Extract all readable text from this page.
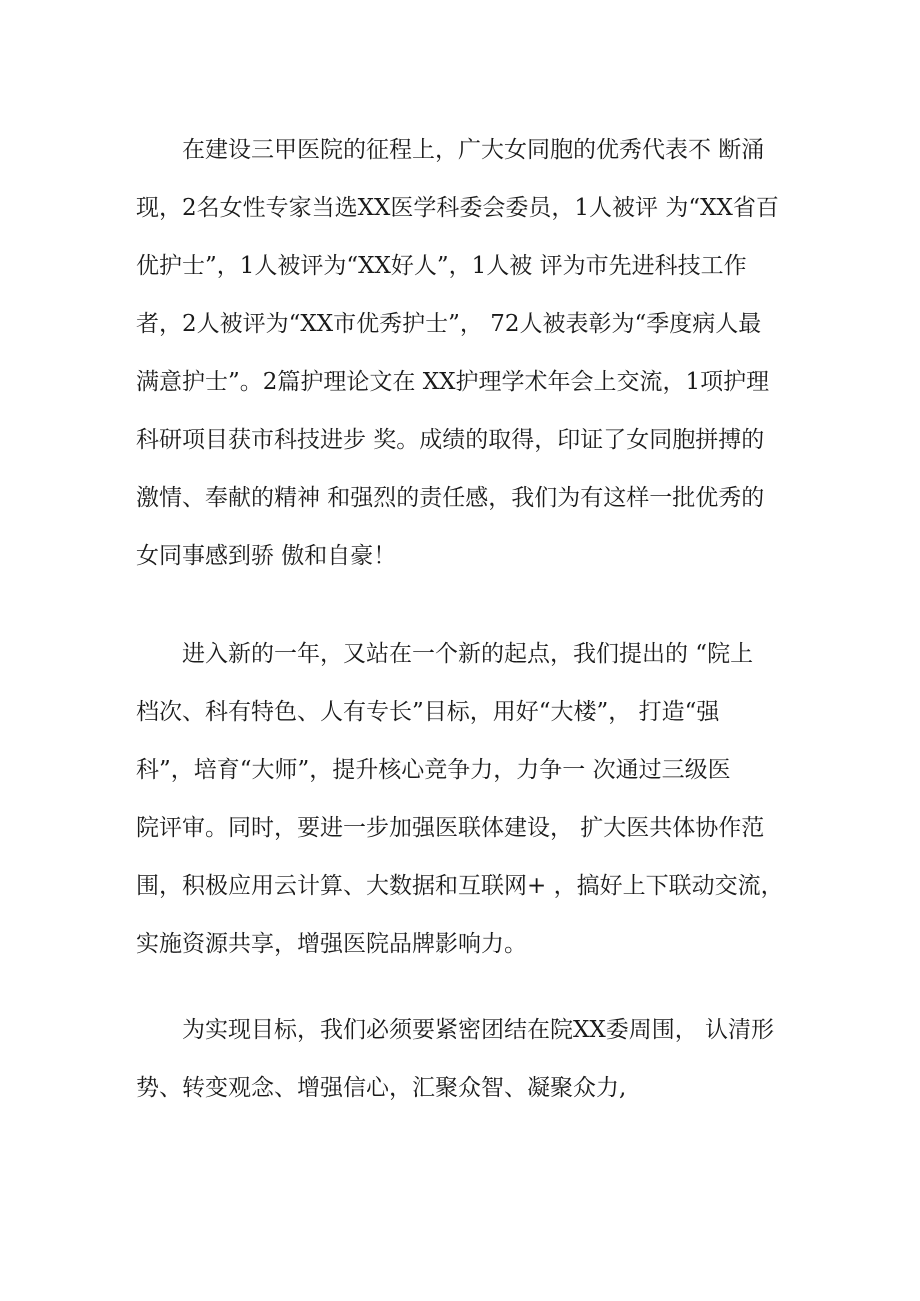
在建设三甲医院的征程上，广大女同胞的优秀代表不 断涌
现，2名女性专家当选XX医学科委会委员，1人被评 为“XX省百
优护士”，1人被评为“XX好人”，1人被 评为市先进科技工作
者，2人被评为“XX市优秀护士”， 72人被表彰为“季度病人最
满意护士”。2篇护理论文在 XX护理学术年会上交流，1项护理
科研项目获市科技进步 奖。成绩的取得，印证了女同胞拼搏的
激情、奉献的精神 和强烈的责任感，我们为有这样一批优秀的
女同事感到骄 傲和自豪！
进入新的一年，又站在一个新的起点，我们提出的 “院上
档次、科有特色、人有专长”目标，用好“大楼”， 打造“强
科”，培育“大师”，提升核心竞争力，力争一 次通过三级医
院评审。同时，要进一步加强医联体建设， 扩大医共体协作范
围，积极应用云计算、大数据和互联网+ ，搞好上下联动交流，
实施资源共享，增强医院品牌影响力。
为实现目标，我们必须要紧密团结在院XX委周围， 认清形
势、转变观念、增强信心，汇聚众智、凝聚众力,
